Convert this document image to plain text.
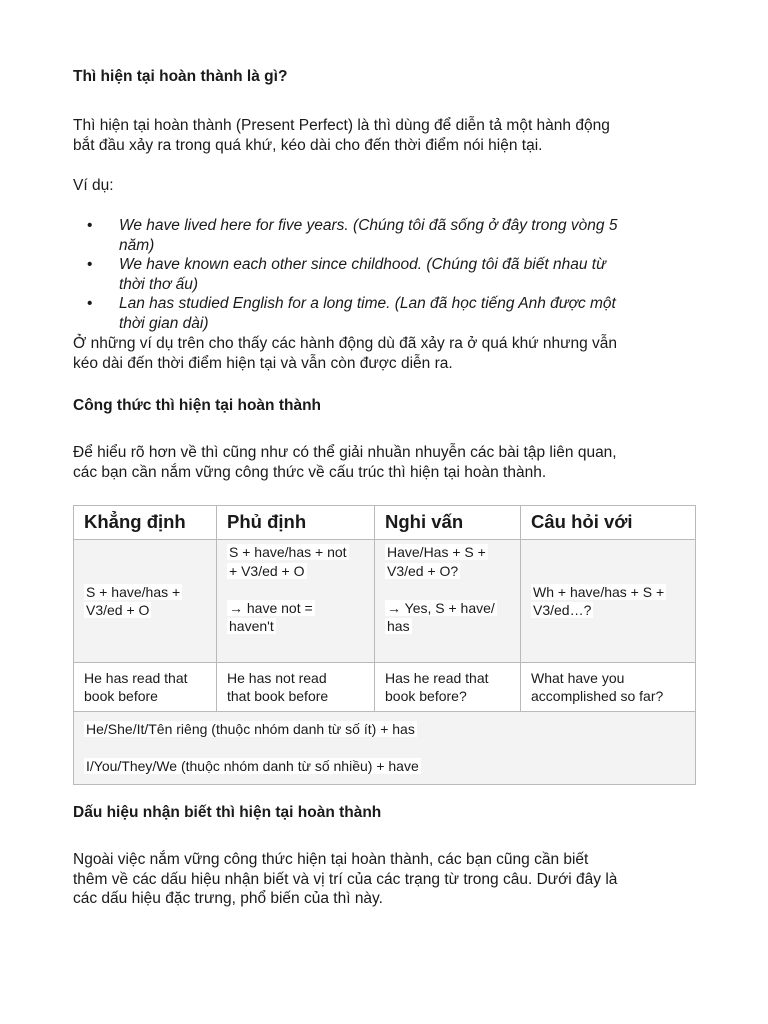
Thì hiện tại hoàn thành là gì?

Thì hiện tại hoàn thành (Present Perfect) là thì dùng để diễn tả một hành động
bắt đầu xảy ra trong quá khứ, kéo dài cho đến thời điểm nói hiện tại.

Ví dụ:

• We have lived here for five years. (Chúng tôi đã sống ở đây trong vòng 5
năm)
• We have known each other since childhood. (Chúng tôi đã biết nhau từ
thời thơ ấu)
• Lan has studied English for a long time. (Lan đã học tiếng Anh được một
thời gian dài)

Ở những ví dụ trên cho thấy các hành động dù đã xảy ra ở quá khứ nhưng vẫn
kéo dài đến thời điểm hiện tại và vẫn còn được diễn ra.

Công thức thì hiện tại hoàn thành

Để hiểu rõ hơn về thì cũng như có thể giải nhuần nhuyễn các bài tập liên quan,
các bạn cần nắm vững công thức về cấu trúc thì hiện tại hoàn thành.

Khẳng định	Phủ định	Nghi vấn	Câu hỏi với
S + have/has +
V3/ed + O	S + have/has + not
+ V3/ed + O

→ have not =
haven't	Have/Has + S +
V3/ed + O?

→ Yes, S + have/
has	Wh + have/has + S +
V3/ed…?
He has read that
book before	He has not read
that book before	Has he read that
book before?	What have you
accomplished so far?
He/She/It/Tên riêng (thuộc nhóm danh từ số ít) + has

I/You/They/We (thuộc nhóm danh từ số nhiều) + have			

Dấu hiệu nhận biết thì hiện tại hoàn thành

Ngoài việc nắm vững công thức hiện tại hoàn thành, các bạn cũng cần biết
thêm về các dấu hiệu nhận biết và vị trí của các trạng từ trong câu. Dưới đây là
các dấu hiệu đặc trưng, phổ biến của thì này.
